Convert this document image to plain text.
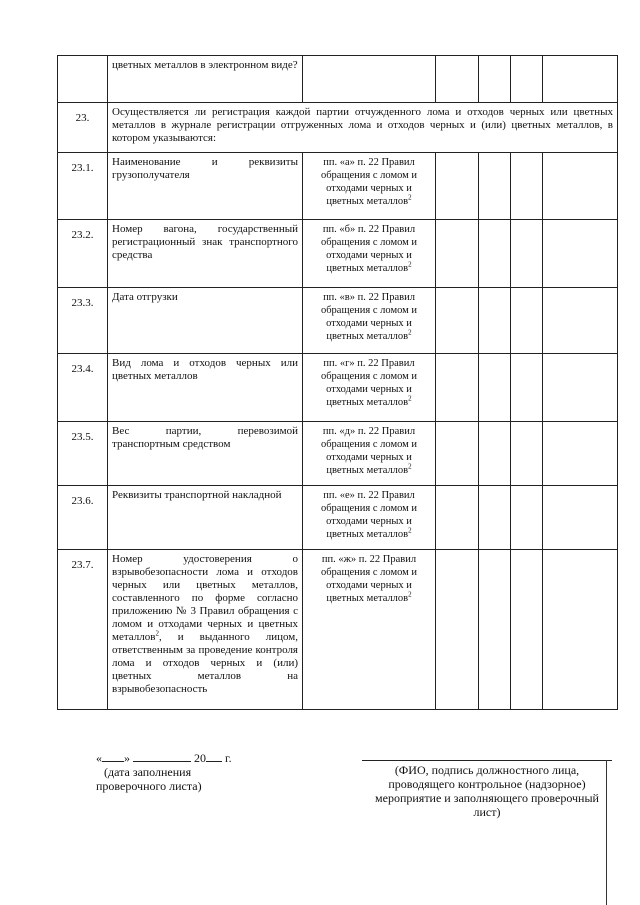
	цветных металлов в электронном виде?					
23.	Осуществляется ли регистрация каждой партии отчужденного лома и отходов черных или цветных металлов в журнале регистрации отгруженных лома и отходов черных и (или) цветных металлов, в котором указываются:					
23.1.	Наименование и реквизиты грузополучателя	пп. «а» п. 22 Правил обращения с ломом и отходами черных и цветных металлов$^2$				
23.2.	Номер вагона, государственный регистрационный знак транспортного средства	пп. «б» п. 22 Правил обращения с ломом и отходами черных и цветных металлов$^2$				
23.3.	Дата отгрузки	пп. «в» п. 22 Правил обращения с ломом и отходами черных и цветных металлов$^2$				
23.4.	Вид лома и отходов черных или цветных металлов	пп. «г» п. 22 Правил обращения с ломом и отходами черных и цветных металлов$^2$				
23.5.	Вес партии, перевозимой транспортным средством	пп. «д» п. 22 Правил обращения с ломом и отходами черных и цветных металлов$^2$				
23.6.	Реквизиты транспортной накладной	пп. «е» п. 22 Правил обращения с ломом и отходами черных и цветных металлов$^2$				
23.7.	Номер удостоверения о взрывобезопасности лома и отходов черных или цветных металлов, составленного по форме согласно приложению № 3 Правил обращения с ломом и отходами черных и цветных металлов$^2$, и выданного лицом, ответственным за проведение контроля лома и отходов черных и (или) цветных металлов на взрывобезопасность	пп. «ж» п. 22 Правил обращения с ломом и отходами черных и цветных металлов$^2$				
« »	20 г.
(дата заполнения
проверочного листа)
(ФИО, подпись должностного лица, проводящего контрольное (надзорное) мероприятие и заполняющего проверочный лист)
